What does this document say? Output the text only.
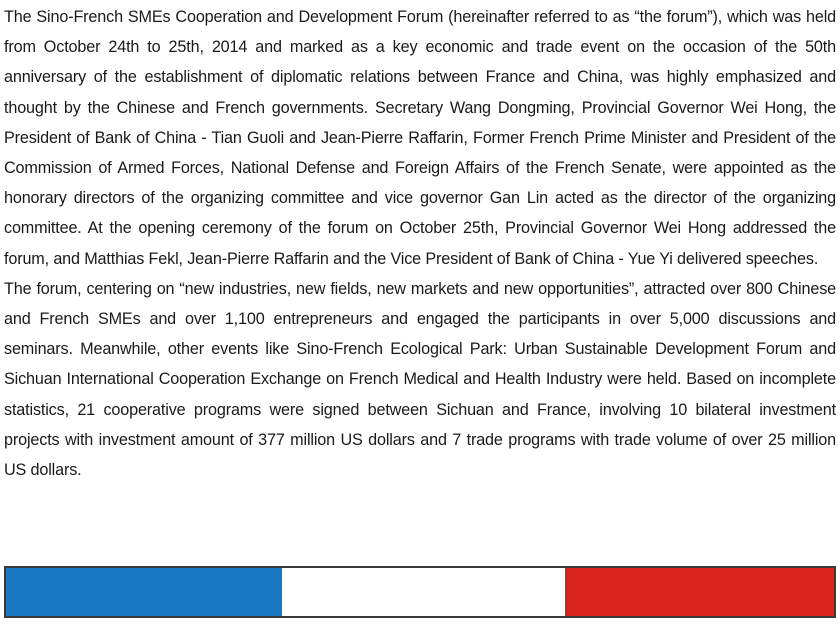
The Sino-French SMEs Cooperation and Development Forum (hereinafter referred to as “the forum”), which was held from October 24th to 25th, 2014 and marked as a key economic and trade event on the occasion of the 50th anniversary of the establishment of diplomatic relations between France and China, was highly emphasized and thought by the Chinese and French governments. Secretary Wang Dongming, Provincial Governor Wei Hong, the President of Bank of China - Tian Guoli and Jean-Pierre Raffarin, Former French Prime Minister and President of the Commission of Armed Forces, National Defense and Foreign Affairs of the French Senate, were appointed as the honorary directors of the organizing committee and vice governor Gan Lin acted as the director of the organizing committee. At the opening ceremony of the forum on October 25th, Provincial Governor Wei Hong addressed the forum, and Matthias Fekl, Jean-Pierre Raffarin and the Vice President of Bank of China - Yue Yi delivered speeches.

The forum, centering on “new industries, new fields, new markets and new opportunities”, attracted over 800 Chinese and French SMEs and over 1,100 entrepreneurs and engaged the participants in over 5,000 discussions and seminars. Meanwhile, other events like Sino-French Ecological Park: Urban Sustainable Development Forum and Sichuan International Cooperation Exchange on French Medical and Health Industry were held. Based on incomplete statistics, 21 cooperative programs were signed between Sichuan and France, involving 10 bilateral investment projects with investment amount of 377 million US dollars and 7 trade programs with trade volume of over 25 million US dollars.
